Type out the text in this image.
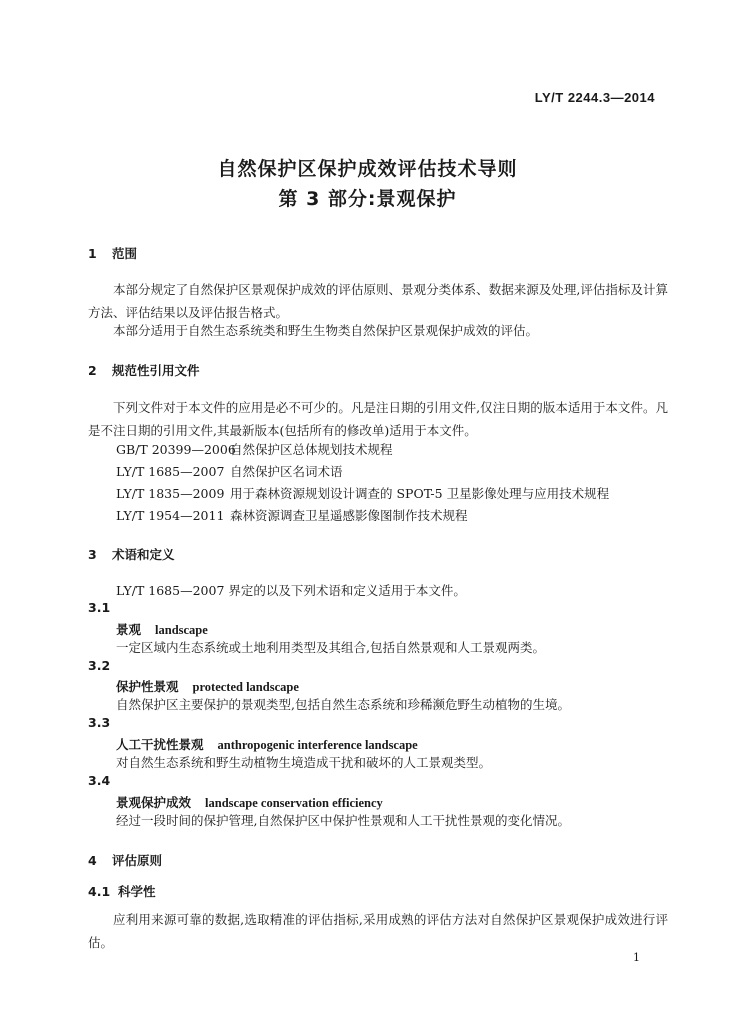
LY/T 2244.3—2014
自然保护区保护成效评估技术导则
第 3 部分:景观保护
1 范围
本部分规定了自然保护区景观保护成效的评估原则、景观分类体系、数据来源及处理,评估指标及计算方法、评估结果以及评估报告格式。
本部分适用于自然生态系统类和野生生物类自然保护区景观保护成效的评估。
2 规范性引用文件
下列文件对于本文件的应用是必不可少的。凡是注日期的引用文件,仅注日期的版本适用于本文件。凡是不注日期的引用文件,其最新版本(包括所有的修改单)适用于本文件。
GB/T 20399—2006自然保护区总体规划技术规程
LY/T 1685—2007 自然保护区名词术语
LY/T 1835—2009 用于森林资源规划设计调查的 SPOT-5 卫星影像处理与应用技术规程
LY/T 1954—2011 森林资源调查卫星遥感影像图制作技术规程
3 术语和定义
LY/T 1685—2007 界定的以及下列术语和定义适用于本文件。
3.1
景观 landscape
一定区域内生态系统或土地利用类型及其组合,包括自然景观和人工景观两类。
3.2
保护性景观 protected landscape
自然保护区主要保护的景观类型,包括自然生态系统和珍稀濒危野生动植物的生境。
3.3
人工干扰性景观 anthropogenic interference landscape
对自然生态系统和野生动植物生境造成干扰和破坏的人工景观类型。
3.4
景观保护成效 landscape conservation efficiency
经过一段时间的保护管理,自然保护区中保护性景观和人工干扰性景观的变化情况。
4 评估原则
4.1 科学性
应利用来源可靠的数据,选取精准的评估指标,采用成熟的评估方法对自然保护区景观保护成效进行评估。
1
